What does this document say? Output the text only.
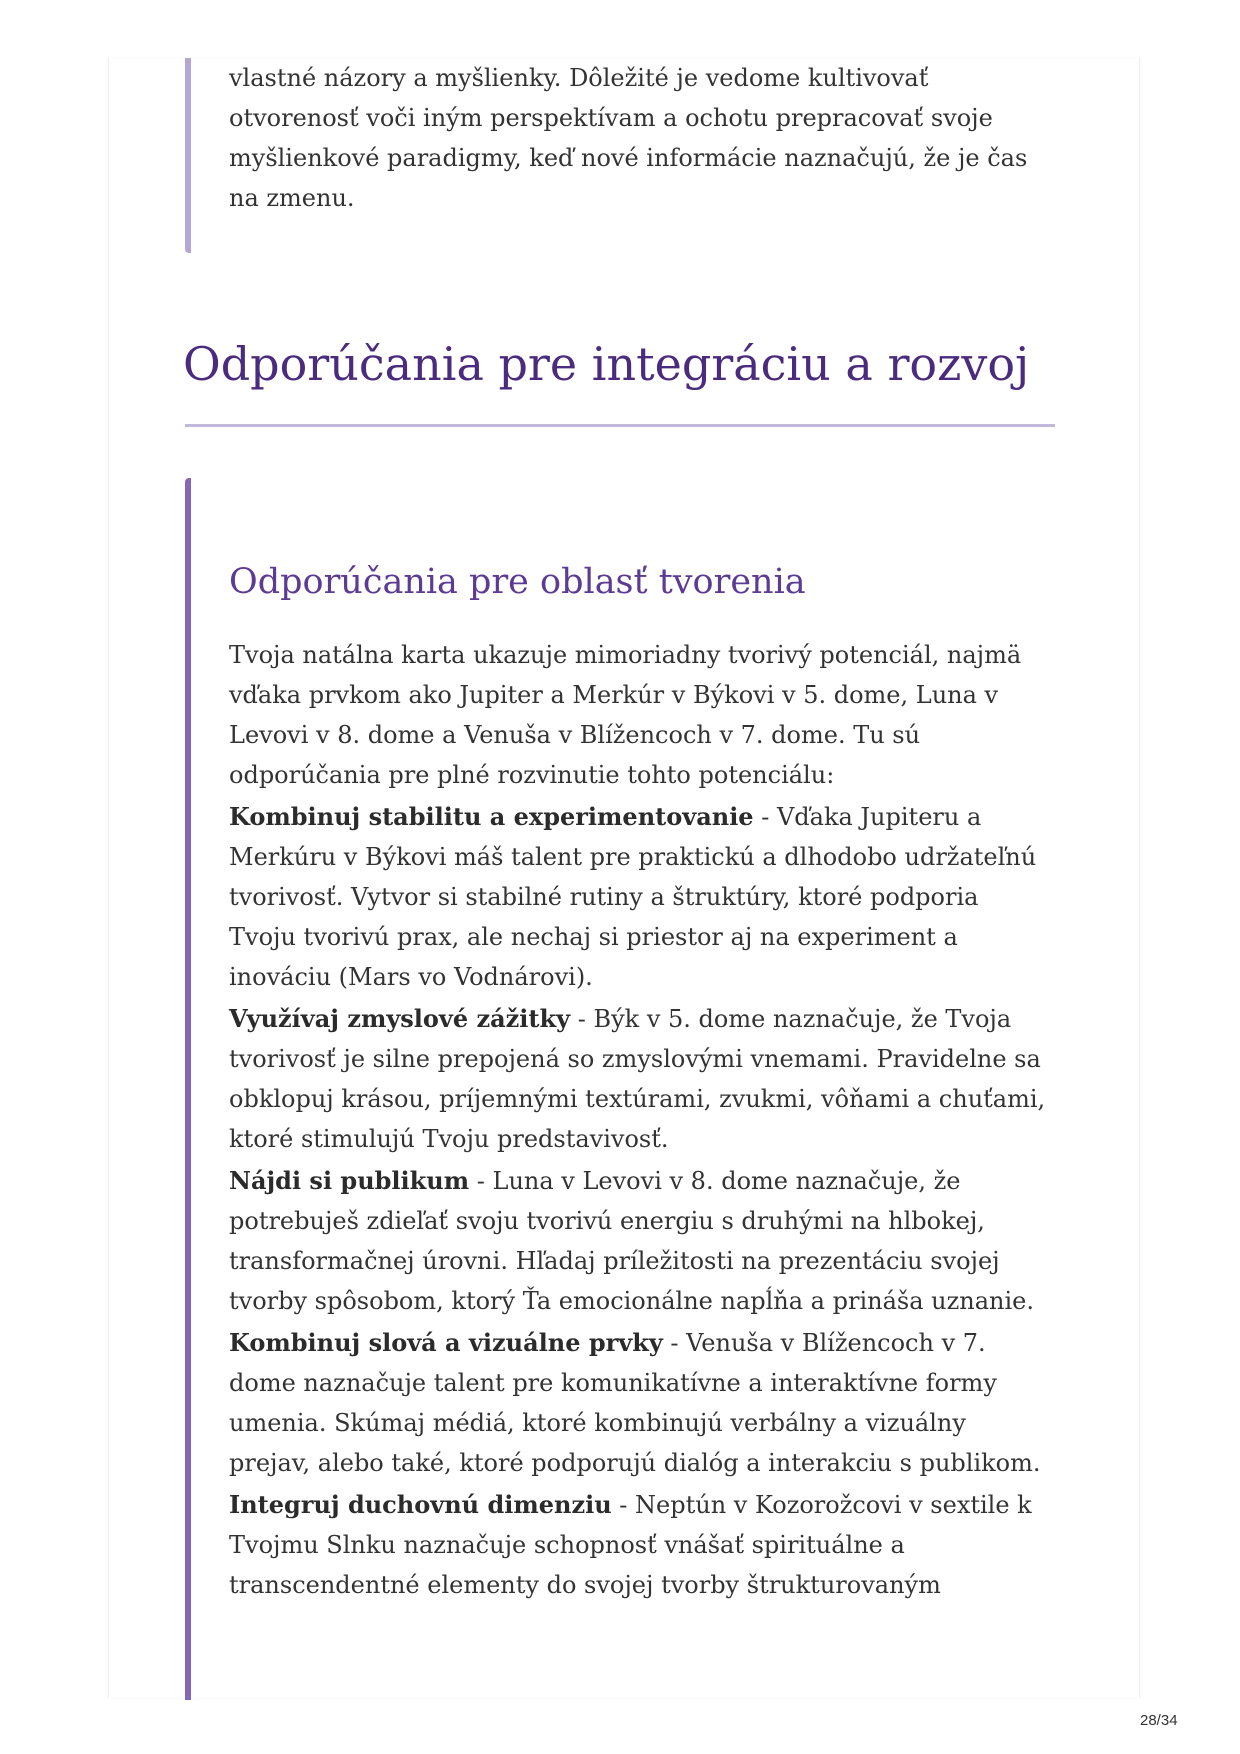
vlastné názory a myšlienky. Dôležité je vedome kultivovať otvorenosť voči iným perspektívam a ochotu prepracovať svoje myšlienkové paradigmy, keď nové informácie naznačujú, že je čas na zmenu.

Odporúčania pre integráciu a rozvoj
Odporúčania pre oblasť tvorenia
Tvoja natálna karta ukazuje mimoriadny tvorivý potenciál, najmä vďaka prvkom ako Jupiter a Merkúr v Býkovi v 5. dome, Luna v Levovi v 8. dome a Venuša v Blížencoch v 7. dome. Tu sú odporúčania pre plné rozvinutie tohto potenciálu:
Kombinuj stabilitu a experimentovanie - Vďaka Jupiteru a Merkúru v Býkovi máš talent pre praktickú a dlhodobo udržateľnú tvorivosť. Vytvor si stabilné rutiny a štruktúry, ktoré podporia Tvoju tvorivú prax, ale nechaj si priestor aj na experiment a inováciu (Mars vo Vodnárovi).
Využívaj zmyslové zážitky - Býk v 5. dome naznačuje, že Tvoja tvorivosť je silne prepojená so zmyslovými vnemami. Pravidelne sa obklopuj krásou, príjemnými textúrami, zvukmi, vôňami a chuťami, ktoré stimulujú Tvoju predstavivosť.
Nájdi si publikum - Luna v Levovi v 8. dome naznačuje, že potrebuješ zdieľať svoju tvorivú energiu s druhými na hlbokej, transformačnej úrovni. Hľadaj príležitosti na prezentáciu svojej tvorby spôsobom, ktorý Ťa emocionálne napĺňa a prináša uznanie.
Kombinuj slová a vizuálne prvky - Venuša v Blížencoch v 7. dome naznačuje talent pre komunikatívne a interaktívne formy umenia. Skúmaj médiá, ktoré kombinujú verbálny a vizuálny prejav, alebo také, ktoré podporujú dialóg a interakciu s publikom.
Integruj duchovnú dimenziu - Neptún v Kozorožcovi v sextile k Tvojmu Slnku naznačuje schopnosť vnášať spirituálne a transcendentné elementy do svojej tvorby štrukturovaným
28/34
